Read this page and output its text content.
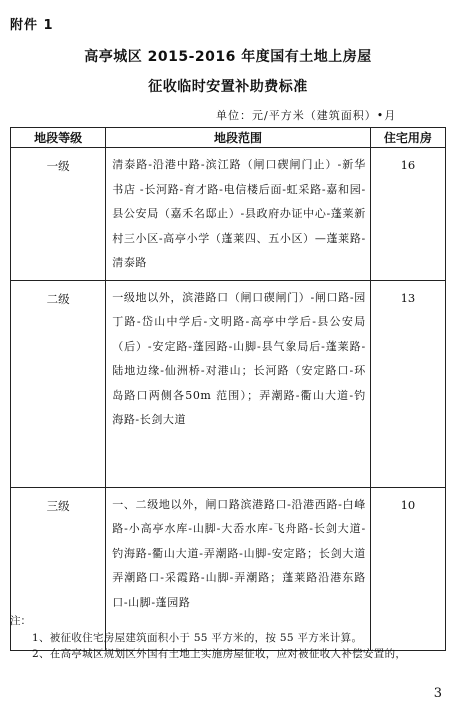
附件 1
高亭城区 2015-2016 年度国有土地上房屋
征收临时安置补助费标准
单位：元/平方米（建筑面积）•月
地段等级	地段范围	住宅用房
一级	清泰路-沿港中路-滨江路（闸口碶闸门止）-新华书店 -长河路-育才路-电信楼后面-虹采路-嘉和园-县公安局（嘉禾名邸止）-县政府办证中心-蓬莱新村三小区-高亭小学（蓬莱四、五小区）—蓬莱路-清泰路	16
二级	一级地以外，滨港路口（闸口碶闸门）-闸口路-园丁路-岱山中学后-文明路-高亭中学后-县公安局（后）-安定路-蓬园路-山脚-县气象局后-蓬莱路-陆地边缘-仙洲桥-对港山；长河路（安定路口-环岛路口两侧各50m 范围）；弄潮路-衢山大道-钓海路-长剑大道	13
三级	一、二级地以外，闸口路滨港路口-沿港西路-白峰路-小高亭水库-山脚-大岙水库-飞舟路-长剑大道-钓海路-衢山大道-弄潮路-山脚-安定路；长剑大道弄潮路口-采霞路-山脚-弄潮路；蓬莱路沿港东路口-山脚-蓬园路	10
注：
1、被征收住宅房屋建筑面积小于 55 平方米的，按 55 平方米计算。
2、在高亭城区规划区外国有土地上实施房屋征收，应对被征收人补偿安置的，
3
